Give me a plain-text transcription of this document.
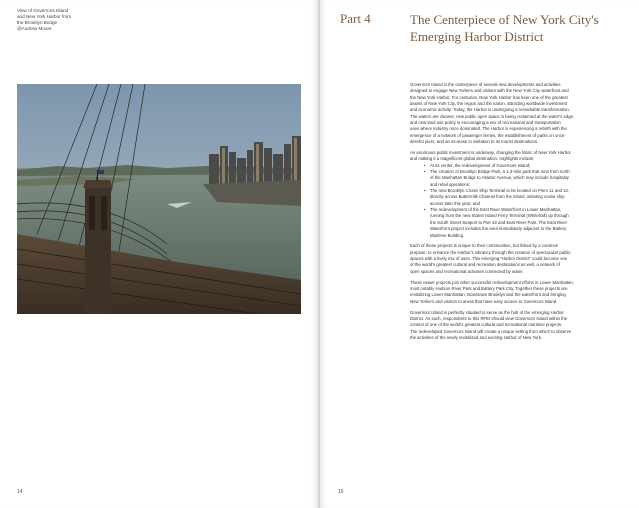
View of Governors Island
and New York Harbor from
the Brooklyn Bridge
@Andrew Moore
14
Part 4	The Centerpiece of New York City's
Emerging Harbor District

Governors Island is the centerpiece of several new developments and activities
designed to engage New Yorkers and visitors with the New York City waterfront and
the New York Harbor. For centuries, New York Harbor has been one of the greatest
assets of New York City, the region and the nation, attracting worldwide investment
and economic activity. Today, the Harbor is undergoing a remarkable transformation.
The waters are cleaner, new public open space is being reclaimed at the water's edge,
and new land use policy is encouraging a mix of recreational and transportation
uses where industry once dominated. The Harbor is experiencing a rebirth with the
emergence of a network of passenger ferries, the establishment of parks on once-
derelict piers, and an increase in visitation to its tourist destinations.

An enormous public investment is underway, changing the fabric of New York Harbor
and making it a magnificent global destination. Highlights include:

• At its center, the redevelopment of Governors Island;
• The creation of Brooklyn Bridge Park, a 1.3-mile park that runs from north
of the Manhattan Bridge to Atlantic Avenue, which may include hospitality
and retail operations;
• The new Brooklyn Cruise Ship Terminal to be located on Piers 11 and 12,
directly across Buttermilk Channel from the Island, initiating cruise ship
access later this year; and
• The redevelopment of the East River Waterfront in Lower Manhattan,
running from the new Staten Island Ferry Terminal (Whitehall) up through
the South Street Seaport to Pier 42 and East River Park. The East River
Waterfront project includes the area immediately adjacent to the Battery
Maritime Building.

Each of these projects is unique to their communities, but linked by a common
purpose: to enhance the Harbor's vibrancy through the creation of spectacular public
spaces with a lively mix of uses. This emerging "Harbor District" could become one
of the world's greatest cultural and recreation destinations as well, a network of
open spaces and recreational activities connected by water.

These newer projects join other successful redevelopment efforts in Lower Manhattan,
most notably Hudson River Park and Battery Park City. Together these projects are
revitalizing Lower Manhattan, Downtown Brooklyn and the waterfront and bringing
New Yorkers and visitors to areas that have easy access to Governors Island.

Governors Island is perfectly situated to serve as the hub of the emerging Harbor
District. As such, respondents to this RFEI should view Governors Island within the
context of one of the world's greatest cultural and recreational maritime projects.
The redeveloped Governors Island will create a unique setting from which to observe
the activities of the newly revitalized and exciting Harbor of New York.

15
